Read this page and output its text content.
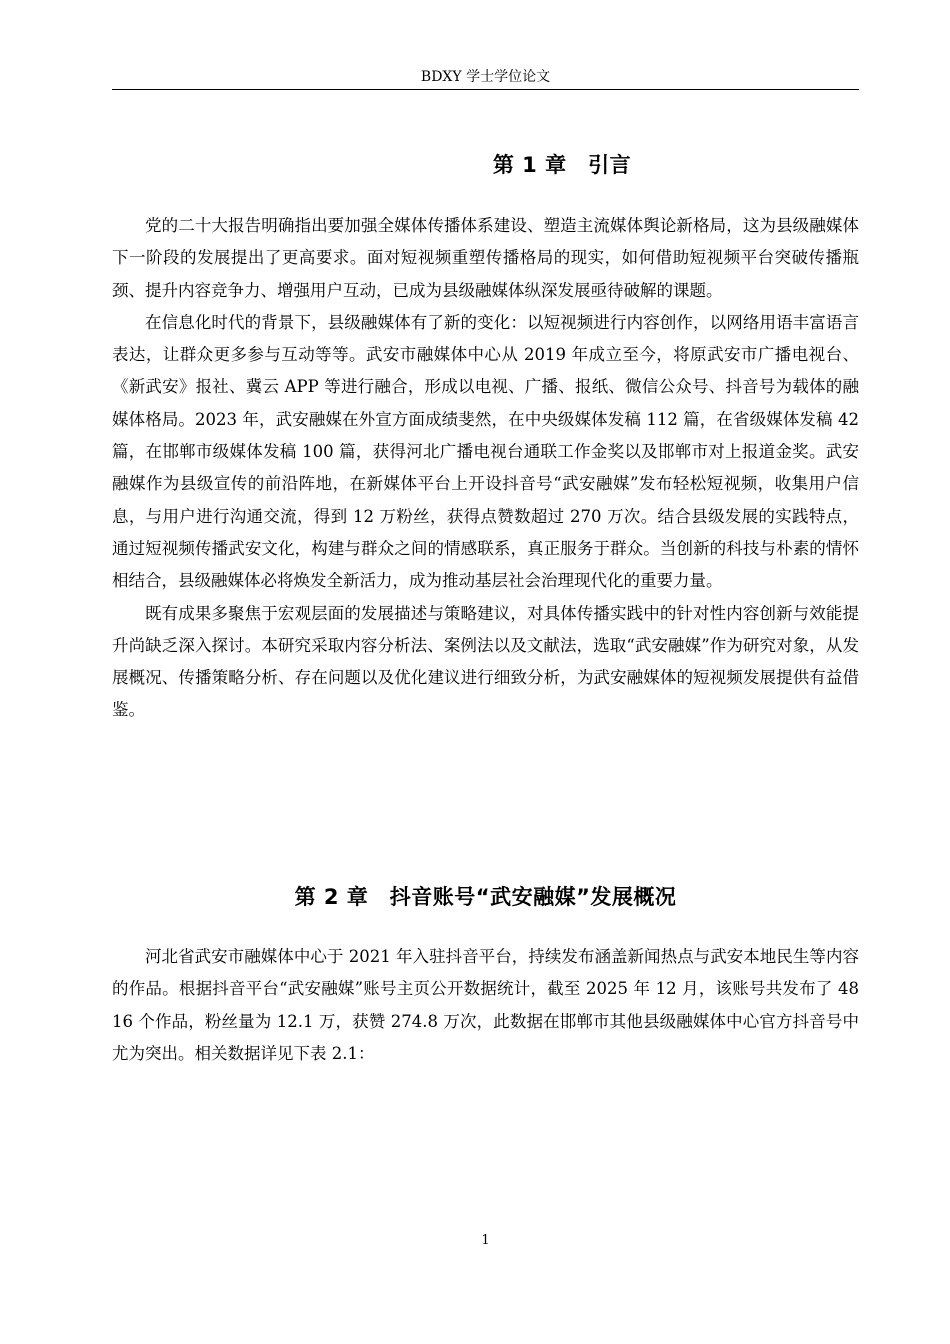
BDXY 学士学位论文
第 1 章　引言

党的二十大报告明确指出要加强全媒体传播体系建设、塑造主流媒体舆论新格局，这为县级融媒体下一阶段的发展提出了更高要求。面对短视频重塑传播格局的现实，如何借助短视频平台突破传播瓶颈、提升内容竞争力、增强用户互动，已成为县级融媒体纵深发展亟待破解的课题。

在信息化时代的背景下，县级融媒体有了新的变化：以短视频进行内容创作，以网络用语丰富语言表达，让群众更多参与互动等等。武安市融媒体中心从 2019 年成立至今，将原武安市广播电视台、《新武安》报社、冀云 APP 等进行融合，形成以电视、广播、报纸、微信公众号、抖音号为载体的融媒体格局。2023 年，武安融媒在外宣方面成绩斐然，在中央级媒体发稿 112 篇，在省级媒体发稿 42 篇，在邯郸市级媒体发稿 100 篇，获得河北广播电视台通联工作金奖以及邯郸市对上报道金奖。武安融媒作为县级宣传的前沿阵地，在新媒体平台上开设抖音号“武安融媒”发布轻松短视频，收集用户信息，与用户进行沟通交流，得到 12 万粉丝，获得点赞数超过 270 万次。结合县级发展的实践特点，通过短视频传播武安文化，构建与群众之间的情感联系，真正服务于群众。当创新的科技与朴素的情怀相结合，县级融媒体必将焕发全新活力，成为推动基层社会治理现代化的重要力量。

既有成果多聚焦于宏观层面的发展描述与策略建议，对具体传播实践中的针对性内容创新与效能提升尚缺乏深入探讨。本研究采取内容分析法、案例法以及文献法，选取“武安融媒”作为研究对象，从发展概况、传播策略分析、存在问题以及优化建议进行细致分析，为武安融媒体的短视频发展提供有益借鉴。

第 2 章　抖音账号“武安融媒”发展概况

河北省武安市融媒体中心于 2021 年入驻抖音平台，持续发布涵盖新闻热点与武安本地民生等内容的作品。根据抖音平台“武安融媒”账号主页公开数据统计，截至 2025 年 12 月，该账号共发布了 4816 个作品，粉丝量为 12.1 万，获赞 274.8 万次，此数据在邯郸市其他县级融媒体中心官方抖音号中尤为突出。相关数据详见下表 2.1：

1
